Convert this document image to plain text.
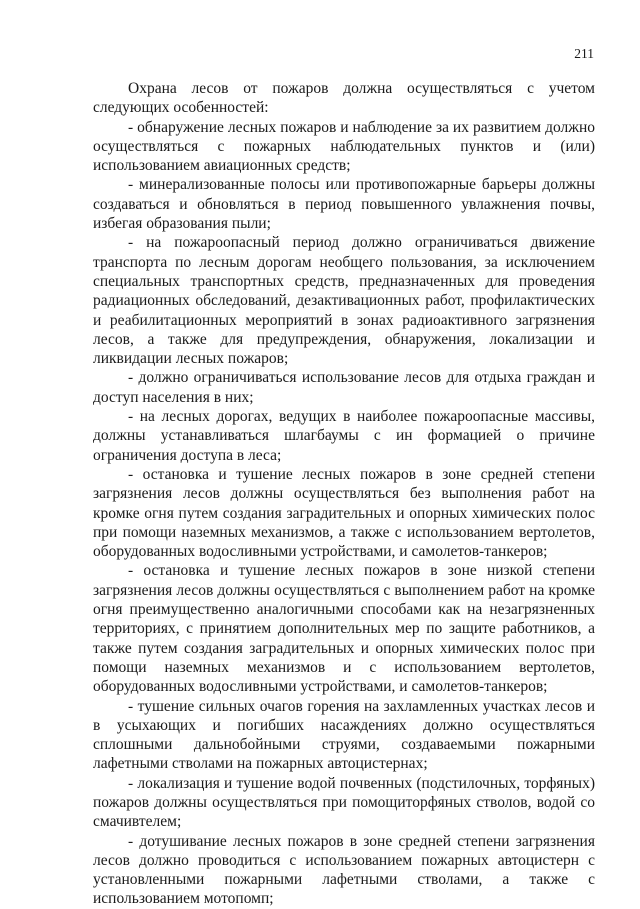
211

Охрана лесов от пожаров должна осуществляться с учетом следующих особенностей:

- обнаружение лесных пожаров и наблюдение за их развитием должно осуществляться с пожарных наблюдательных пунктов и (или) использованием авиационных средств;

- минерализованные полосы или противопожарные барьеры должны создаваться и обновляться в период повышенного увлажнения почвы, избегая образования пыли;

- на пожароопасный период должно ограничиваться движение транспорта по лесным дорогам необщего пользования, за исключением специальных транспортных средств, предназначенных для проведения радиационных обследований, дезактивационных работ, профилактических и реабилитационных мероприятий в зонах радиоактивного загрязнения лесов, а также для предупреждения, обнаружения, локализации и ликвидации лесных пожаров;

- должно ограничиваться использование лесов для отдыха граждан и доступ населения в них;

- на лесных дорогах, ведущих в наиболее пожароопасные массивы, должны устанавливаться шлагбаумы с ин формацией о причине ограничения доступа в леса;

- остановка и тушение лесных пожаров в зоне средней степени загрязнения лесов должны осуществляться без выполнения работ на кромке огня путем создания заградительных и опорных химических полос при помощи наземных механизмов, а также с использованием вертолетов, оборудованных водосливными устройствами, и самолетов-танкеров;

- остановка и тушение лесных пожаров в зоне низкой степени загрязнения лесов должны осуществляться с выполнением работ на кромке огня преимущественно аналогичными способами как на незагрязненных территориях, с принятием дополнительных мер по защите работников, а также путем создания заградительных и опорных химических полос при помощи наземных механизмов и с использованием вертолетов, оборудованных водосливными устройствами, и самолетов-танкеров;

- тушение сильных очагов горения на захламленных участках лесов и в усыхающих и погибших насаждениях должно осуществляться сплошными дальнобойными струями, создаваемыми пожарными лафетными стволами на пожарных автоцистернах;

- локализация и тушение водой почвенных (подстилочных, торфяных) пожаров должны осуществляться при помощиторфяных стволов, водой со смачивтелем;

- дотушивание лесных пожаров в зоне средней степени загрязнения лесов должно проводиться с использованием пожарных автоцистерн с установленными пожарными лафетными стволами, а также с использованием мотопомп;
